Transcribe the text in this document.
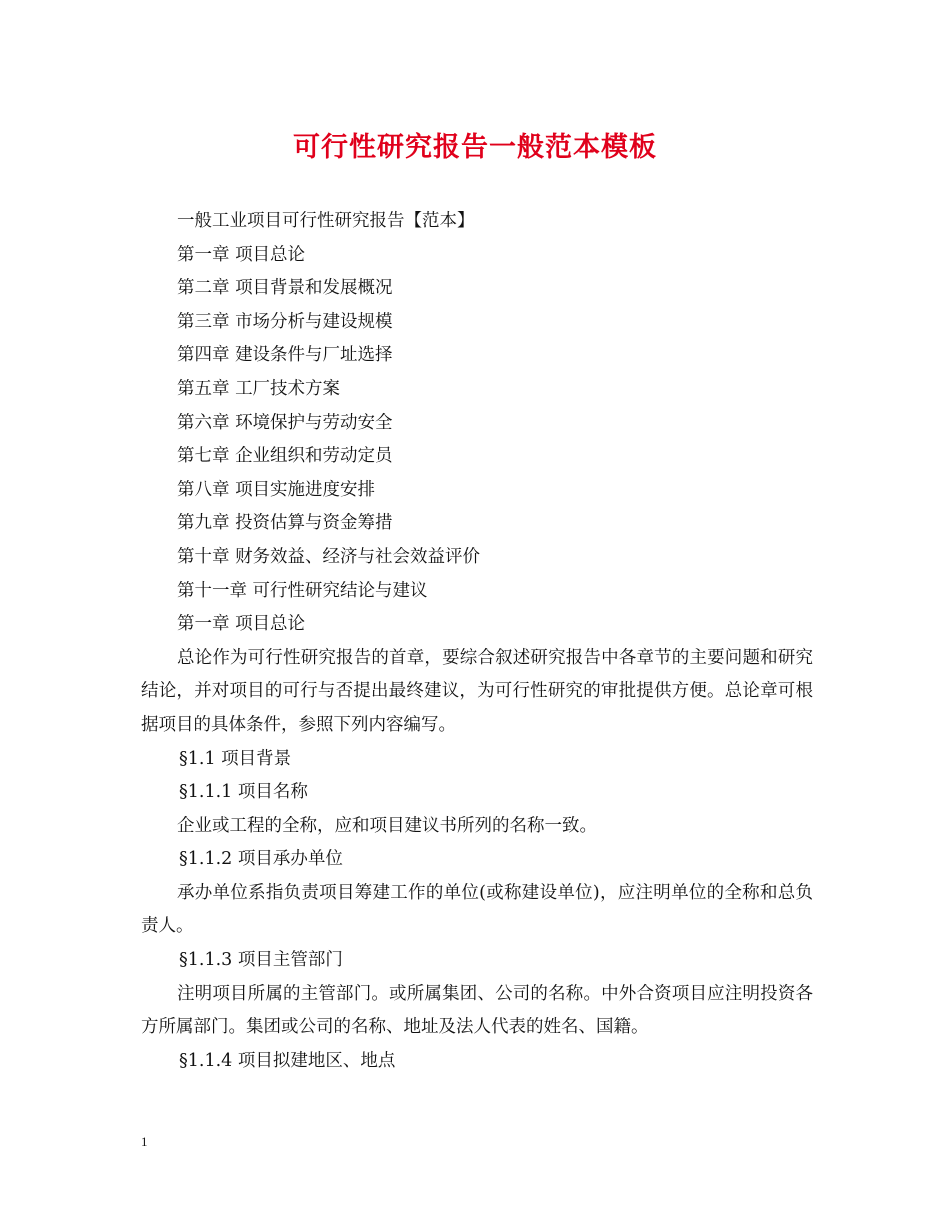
可行性研究报告一般范本模板

一般工业项目可行性研究报告【范本】

第一章 项目总论

第二章 项目背景和发展概况

第三章 市场分析与建设规模

第四章 建设条件与厂址选择

第五章 工厂技术方案

第六章 环境保护与劳动安全

第七章 企业组织和劳动定员

第八章 项目实施进度安排

第九章 投资估算与资金筹措

第十章 财务效益、经济与社会效益评价

第十一章 可行性研究结论与建议

第一章 项目总论

总论作为可行性研究报告的首章，要综合叙述研究报告中各章节的主要问题和研究结论，并对项目的可行与否提出最终建议，为可行性研究的审批提供方便。总论章可根据项目的具体条件，参照下列内容编写。

§1.1 项目背景

§1.1.1 项目名称

企业或工程的全称，应和项目建议书所列的名称一致。

§1.1.2 项目承办单位

承办单位系指负责项目筹建工作的单位(或称建设单位)，应注明单位的全称和总负责人。

§1.1.3 项目主管部门

注明项目所属的主管部门。或所属集团、公司的名称。中外合资项目应注明投资各方所属部门。集团或公司的名称、地址及法人代表的姓名、国籍。

§1.1.4 项目拟建地区、地点

1
